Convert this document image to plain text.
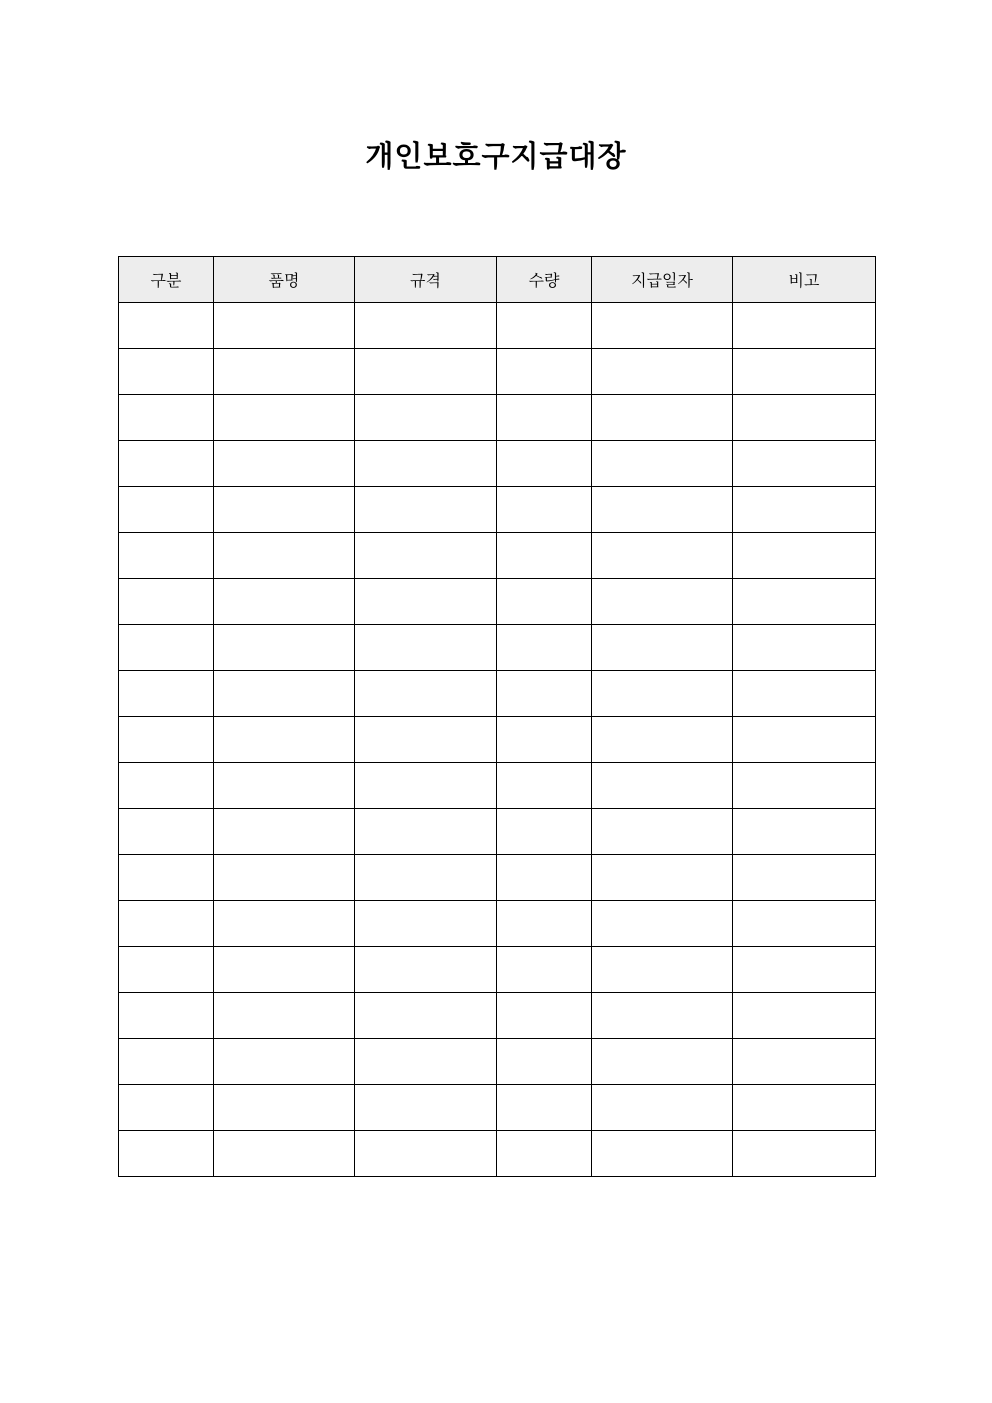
개인보호구지급대장
구분	품명	규격	수량	지급일자	비고
